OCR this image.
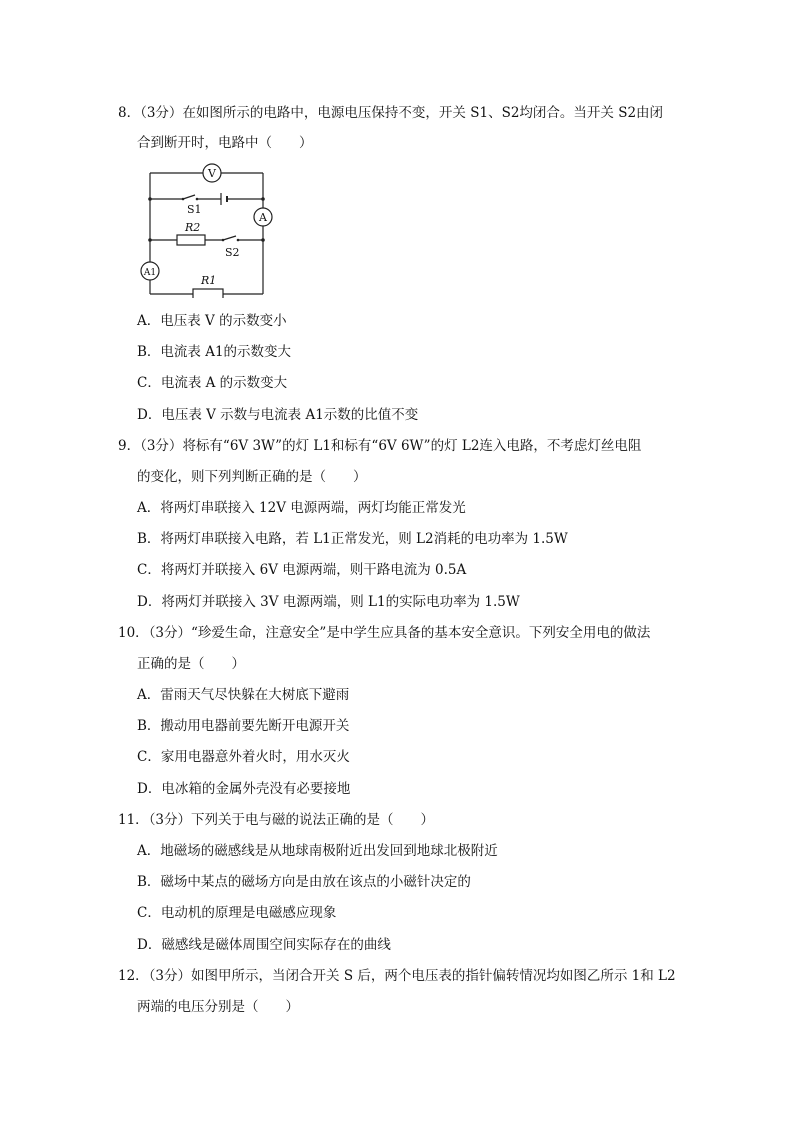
8．（3分）在如图所示的电路中，电源电压保持不变，开关 S1、S2均闭合。当开关 S2由闭
合到断开时，电路中（　　）
V
A
A1
S1
S2
R2
R1
A．电压表 V 的示数变小
B．电流表 A1的示数变大
C．电流表 A 的示数变大
D．电压表 V 示数与电流表 A1示数的比值不变
9．（3分）将标有“6V 3W”的灯 L1和标有“6V 6W”的灯 L2连入电路，不考虑灯丝电阻
的变化，则下列判断正确的是（　　）
A．将两灯串联接入 12V 电源两端，两灯均能正常发光
B．将两灯串联接入电路，若 L1正常发光，则 L2消耗的电功率为 1.5W
C．将两灯并联接入 6V 电源两端，则干路电流为 0.5A
D．将两灯并联接入 3V 电源两端，则 L1的实际电功率为 1.5W
10．（3分）“珍爱生命，注意安全”是中学生应具备的基本安全意识。下列安全用电的做法
正确的是（　　）
A．雷雨天气尽快躲在大树底下避雨
B．搬动用电器前要先断开电源开关
C．家用电器意外着火时，用水灭火
D．电冰箱的金属外壳没有必要接地
11．（3分）下列关于电与磁的说法正确的是（　　）
A．地磁场的磁感线是从地球南极附近出发回到地球北极附近
B．磁场中某点的磁场方向是由放在该点的小磁针决定的
C．电动机的原理是电磁感应现象
D．磁感线是磁体周围空间实际存在的曲线
12．（3分）如图甲所示，当闭合开关 S 后，两个电压表的指针偏转情况均如图乙所示 1和 L2
两端的电压分别是（　　）
